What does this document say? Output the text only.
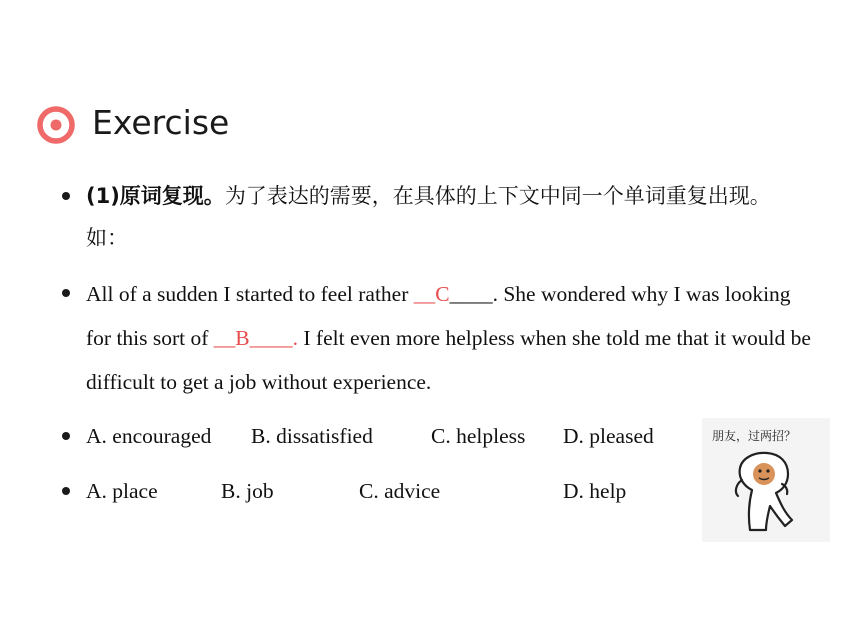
Exercise
(1)原词复现。为了表达的需要，在具体的上下文中同一个单词重复出现。如：
All of a sudden I started to feel rather __C____. She wondered why I was looking for this sort of __B____. I felt even more helpless when she told me that it would be difficult to get a job without experience.
A. encouraged B. dissatisfied	C. helpless D. pleased
A. place	B. job	C. advice	D. help
朋友，过两招？
